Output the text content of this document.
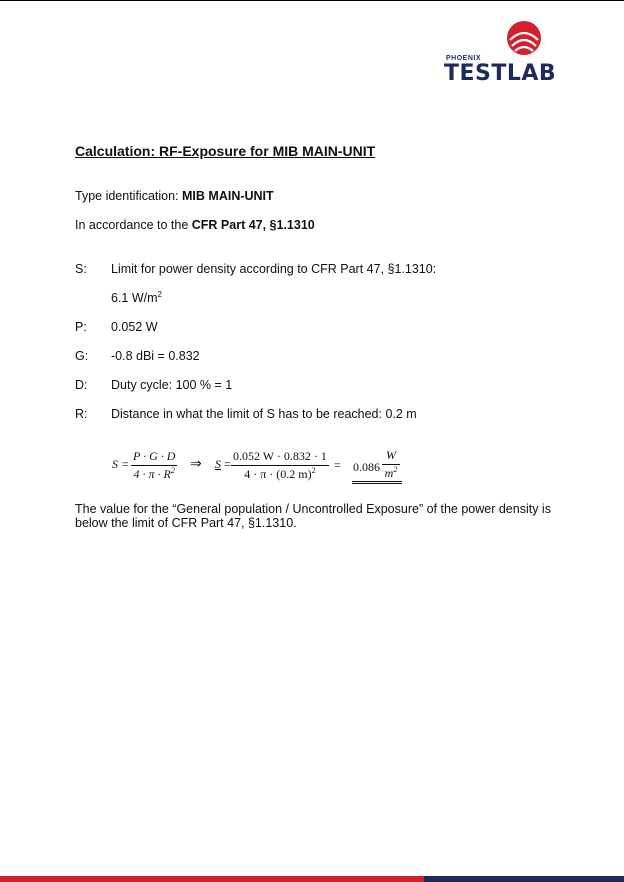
PHOENIX
TESTLAB
Calculation: RF-Exposure for MIB MAIN-UNIT
Type identification: MIB MAIN-UNIT
In accordance to the CFR Part 47, §1.1310
S: Limit for power density according to CFR Part 47, §1.1310:
6.1 $W/m^2$
P: 0.052 W
G: -0.8 dBi = 0.832
D: Duty cycle: 100 % = 1
R: Distance in what the limit of S has to be reached: 0.2 m
$S = \frac{P \cdot G \cdot D}{4 \cdot \pi \cdot R^2}$ ⇒ $S = \frac{0.052 W \cdot 0.832 \cdot 1}{4 \cdot \pi \cdot (0.2 m)^2} = 0.086 \frac{W}{m^2}$
The value for the “General population / Uncontrolled Exposure” of the power density is below the limit of CFR Part 47, §1.1310.
